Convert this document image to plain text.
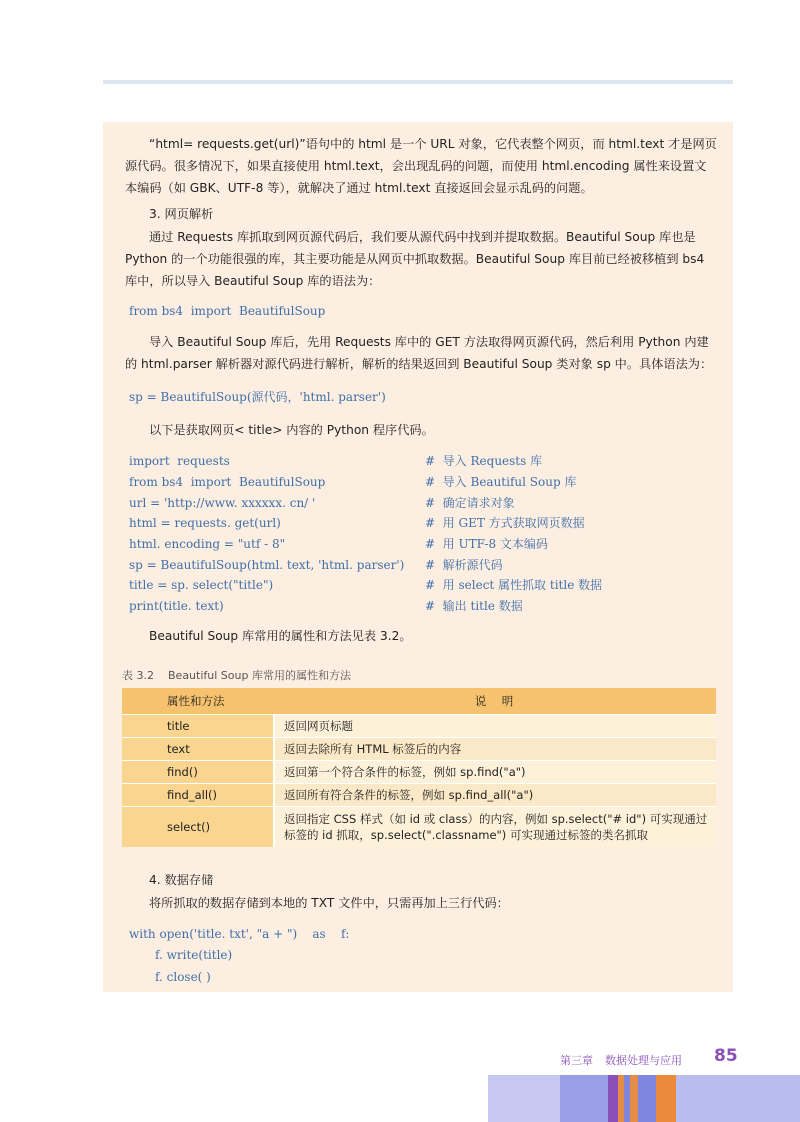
“html= requests.get(url)”语句中的 html 是一个 URL 对象，它代表整个网页，而 html.text 才是网页源代码。很多情况下，如果直接使用 html.text，会出现乱码的问题，而使用 html.encoding 属性来设置文本编码（如 GBK、UTF-8 等），就解决了通过 html.text 直接返回会显示乱码的问题。

3. 网页解析

通过 Requests 库抓取到网页源代码后，我们要从源代码中找到并提取数据。Beautiful Soup 库也是 Python 的一个功能很强的库，其主要功能是从网页中抓取数据。Beautiful Soup 库目前已经被移植到 bs4 库中，所以导入 Beautiful Soup 库的语法为：

from bs4  import  BeautifulSoup

导入 Beautiful Soup 库后，先用 Requests 库中的 GET 方法取得网页源代码，然后利用 Python 内建的 html.parser 解析器对源代码进行解析，解析的结果返回到 Beautiful Soup 类对象 sp 中。具体语法为：

sp = BeautifulSoup(源代码，'html. parser')

以下是获取网页< title> 内容的 Python 程序代码。

import  requests	#  导入 Requests 库
from bs4  import  BeautifulSoup	#  导入 Beautiful Soup 库
url = 'http://www. xxxxxx. cn/ '	#  确定请求对象
html = requests. get(url)	#  用 GET 方式获取网页数据
html. encoding = "utf - 8"	#  用 UTF-8 文本编码
sp = BeautifulSoup(html. text, 'html. parser') #  解析源代码
title = sp. select("title")	#  用 select 属性抓取 title 数据
print(title. text)	#  输出 title 数据

Beautiful Soup 库常用的属性和方法见表 3.2。

表 3.2 Beautiful Soup 库常用的属性和方法
属性和方法	说　明
title	返回网页标题
text	返回去除所有 HTML 标签后的内容
find()	返回第一个符合条件的标签，例如 sp.find("a")
find_all()	返回所有符合条件的标签，例如 sp.find_all("a")
select()	返回指定 CSS 样式（如 id 或 class）的内容，例如 sp.select("# id") 可实现通过标签的 id 抓取，sp.select(".classname") 可实现通过标签的类名抓取

4. 数据存储

将所抓取的数据存储到本地的 TXT 文件中，只需再加上三行代码：

with open('title. txt', "a + ")    as    f:
f. write(title)
f. close( )
第三章 数据处理与应用	85
